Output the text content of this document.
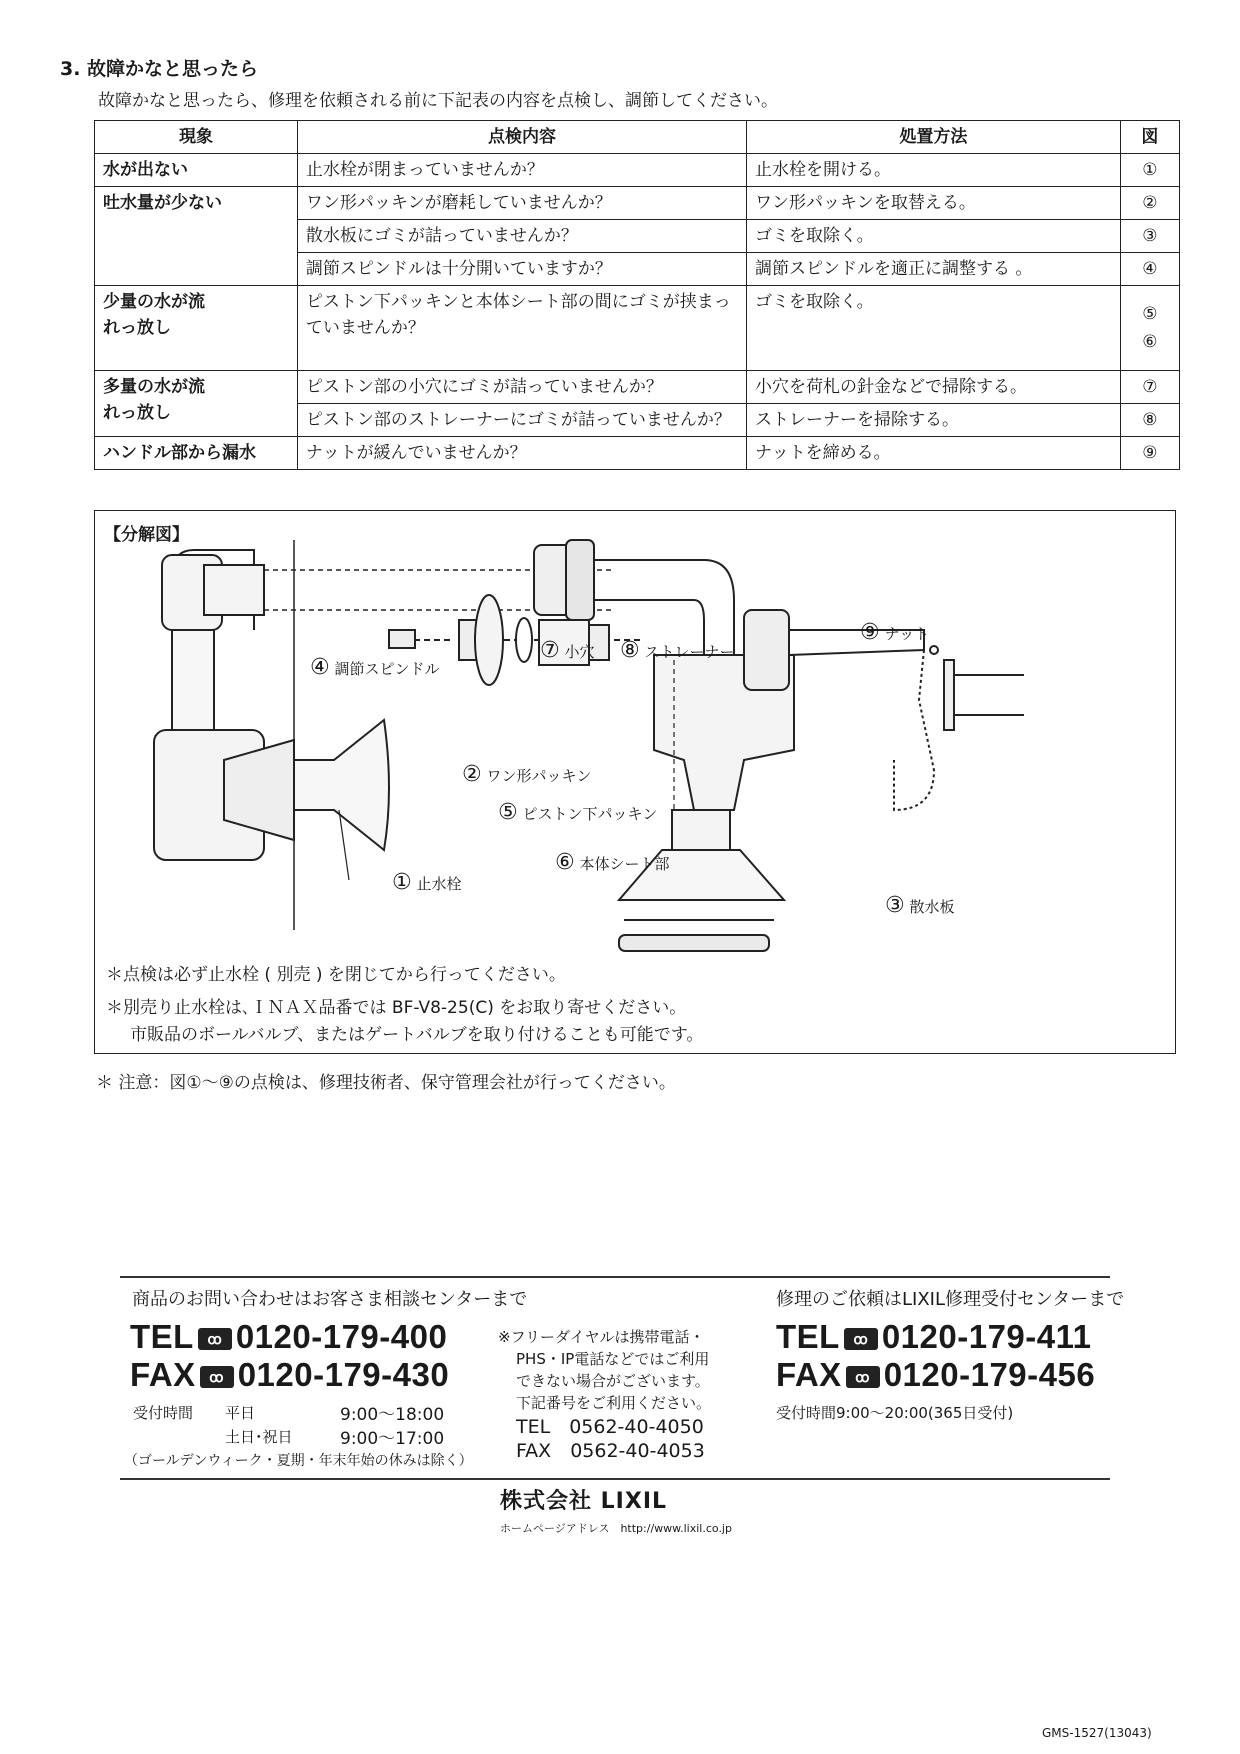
3. 故障かなと思ったら
故障かなと思ったら、修理を依頼される前に下記表の内容を点検し、調節してください。
現象	点検内容	処置方法	図
水が出ない	止水栓が閉まっていませんか？	止水栓を開ける。	①
吐水量が少ない	ワン形パッキンが磨耗していませんか？	ワン形パッキンを取替える。	②
	散水板にゴミが詰っていませんか？	ゴミを取除く。	③
	調節スピンドルは十分開いていますか？	調節スピンドルを適正に調整する 。	④

少量の水が流れっ放し	ピストン下パッキンと本体シート部の間にゴミが挟まっていませんか？	ゴミを取除く。	⑤⑥

多量の水が流れっ放し	ピストン部の小穴にゴミが詰っていませんか？	小穴を荷札の針金などで掃除する。	⑦
	ピストン部のストレーナーにゴミが詰っていませんか？	ストレーナーを掃除する。	⑧
ハンドル部から漏水	ナットが緩んでいませんか？	ナットを締める。	⑨
【分解図】
④ 調節スピンドル
⑦ 小穴 ⑧ ストレーナー
⑨ ナット
② ワン形パッキン
⑤ ピストン下パッキン
⑥ 本体シート部
① 止水栓
③ 散水板
＊点検は必ず止水栓 ( 別売 ) を閉じてから行ってください。
＊別売り止水栓は､ＩＮＡＸ品番では BF-V8-25(C) をお取り寄せください。
市販品のボールバルブ、またはゲートバルブを取り付けることも可能です。
＊ 注意：図①〜⑨の点検は、修理技術者、保守管理会社が行ってください。
商品のお問い合わせはお客さま相談センターまで
TEL ꝏ 0120-179-400
FAX ꝏ 0120-179-430
受付時間 平日	9:00〜18:00
土日･祝日	9:00〜17:00
（ゴールデンウィーク・夏期・年末年始の休みは除く）
※フリーダイヤルは携帯電話・
PHS・IP電話などではご利用
できない場合がございます。
下記番号をご利用ください。
TEL　0562-40-4050
FAX　0562-40-4053
修理のご依頼はLIXIL修理受付センターまで
TEL ꝏ 0120-179-411
FAX ꝏ 0120-179-456
受付時間9:00〜20:00(365日受付)
株式会社 LIXIL
ホームページアドレス　http://www.lixil.co.jp
GMS-1527(13043)
